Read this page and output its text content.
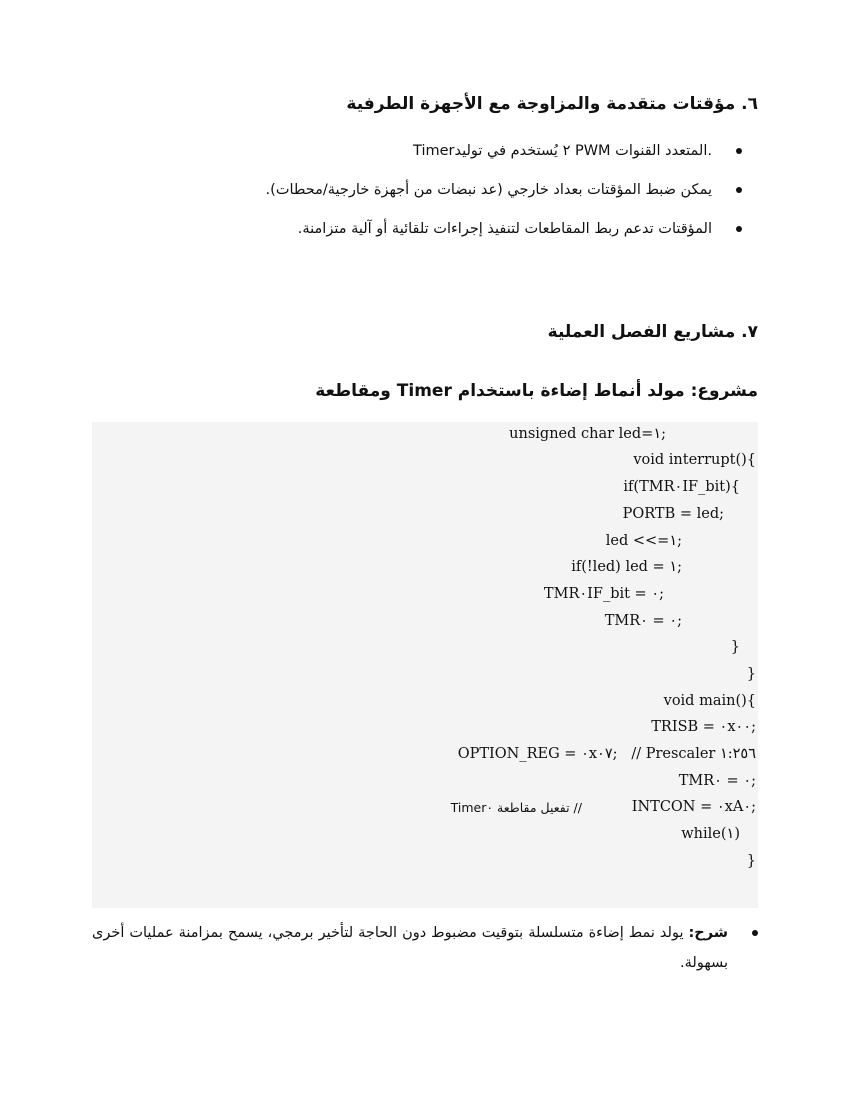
٦. مؤقتات متقدمة والمزاوجة مع الأجهزة الطرفية
Timer٢ يُستخدم في توليد PWM المتعدد القنوات.
يمكن ضبط المؤقتات بعداد خارجي (عد نبضات من أجهزة خارجية/محطات).
المؤقتات تدعم ربط المقاطعات لتنفيذ إجراءات تلقائية أو آلية متزامنة.
٧. مشاريع الفصل العملية
مشروع: مولد أنماط إضاءة باستخدام Timer ومقاطعة
unsigned char led=١;
void interrupt(){
if(TMR٠IF_bit){
PORTB = led;
led <<=١;
if(!led) led = ١;
TMR٠IF_bit = ٠;
TMR٠ = ٠;
}
}
void main(){
TRISB = ٠x٠٠;
OPTION_REG = ٠x٠٧;   // Prescaler ١:٢٥٦
TMR٠ = ٠;
INTCON = ٠xA٠;
// تفعيل مقاطعة Timer٠
while(١)
}
شرح: يولد نمط إضاءة متسلسلة بتوقيت مضبوط دون الحاجة لتأخير برمجي، يسمح بمزامنة عمليات أخرى بسهولة.
